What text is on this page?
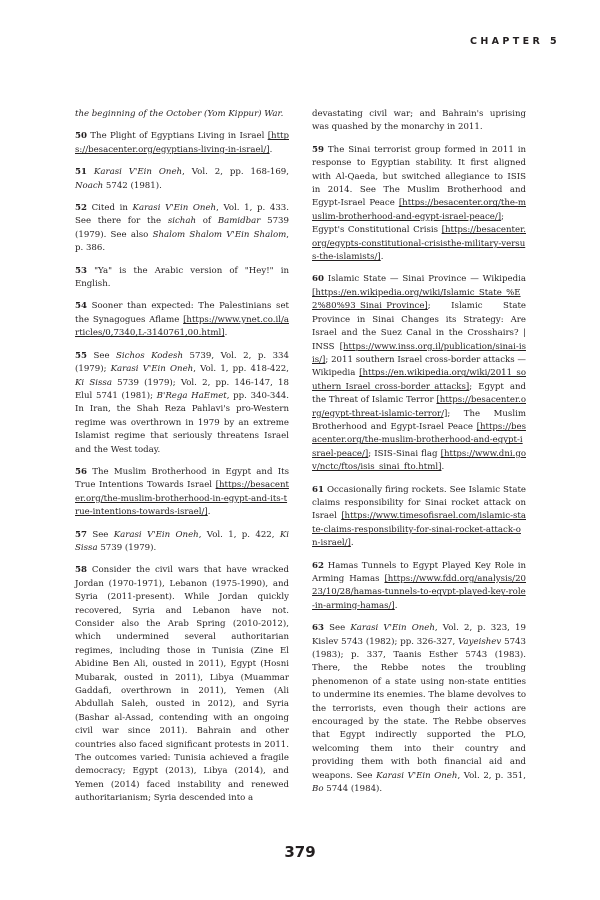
CHAPTER 5

the beginning of the October (Yom Kippur) War.

50 The Plight of Egyptians Living in Israel [https://besacenter.org/egyptians-living-in-israel/].

51 Karasi V'Ein Oneh, Vol. 2, pp. 168-169, Noach 5742 (1981).

52 Cited in Karasi V'Ein Oneh, Vol. 1, p. 433. See there for the sichah of Bamidbar 5739 (1979). See also Shalom Shalom V'Ein Shalom, p. 386.

53 "Ya" is the Arabic version of "Hey!" in English.

54 Sooner than expected: The Palestinians set the Synagogues Aflame [https://www.ynet.co.il/articles/0,7340,L-3140761,00.html].

55 See Sichos Kodesh 5739, Vol. 2, p. 334 (1979); Karasi V'Ein Oneh, Vol. 1, pp. 418-422, Ki Sissa 5739 (1979); Vol. 2, pp. 146-147, 18 Elul 5741 (1981); B'Rega HaEmet, pp. 340-344. In Iran, the Shah Reza Pahlavi's pro-Western regime was overthrown in 1979 by an extreme Islamist regime that seriously threatens Israel and the West today.

56 The Muslim Brotherhood in Egypt and Its True Intentions Towards Israel [https://besacenter.org/the-muslim-brotherhood-in-egypt-and-its-true-intentions-towards-israel/].

57 See Karasi V'Ein Oneh, Vol. 1, p. 422, Ki Sissa 5739 (1979).

58 Consider the civil wars that have wracked Jordan (1970-1971), Lebanon (1975-1990), and Syria (2011-present). While Jordan quickly recovered, Syria and Lebanon have not. Consider also the Arab Spring (2010-2012), which undermined several authoritarian regimes, including those in Tunisia (Zine El Abidine Ben Ali, ousted in 2011), Egypt (Hosni Mubarak, ousted in 2011), Libya (Muammar Gaddafi, overthrown in 2011), Yemen (Ali Abdullah Saleh, ousted in 2012), and Syria (Bashar al-Assad, contending with an ongoing civil war since 2011). Bahrain and other countries also faced significant protests in 2011. The outcomes varied: Tunisia achieved a fragile democracy; Egypt (2013), Libya (2014), and Yemen (2014) faced instability and renewed authoritarianism; Syria descended into a

devastating civil war; and Bahrain's uprising was quashed by the monarchy in 2011.

59 The Sinai terrorist group formed in 2011 in response to Egyptian stability. It first aligned with Al-Qaeda, but switched allegiance to ISIS in 2014. See The Muslim Brotherhood and Egypt-Israel Peace [https://besacenter.org/the-muslim-brotherhood-and-egypt-israel-peace/]; Egypt's Constitutional Crisis [https://besacenter.org/egypts-constitutional-crisisthe-military-versus-the-islamists/].

60 Islamic State — Sinai Province — Wikipedia [https://en.wikipedia.org/wiki/Islamic_State_%E2%80%93_Sinai_Province]; Islamic State Province in Sinai Changes its Strategy: Are Israel and the Suez Canal in the Crosshairs? | INSS [https://www.inss.org.il/publication/sinai-isis/]; 2011 southern Israel cross-border attacks — Wikipedia [https://en.wikipedia.org/wiki/2011_southern_Israel_cross-border_attacks]; Egypt and the Threat of Islamic Terror [https://besacenter.org/egypt-threat-islamic-terror/]; The Muslim Brotherhood and Egypt-Israel Peace [https://besacenter.org/the-muslim-brotherhood-and-egypt-israel-peace/]; ISIS-Sinai flag [https://www.dni.gov/nctc/ftos/isis_sinai_fto.html].

61 Occasionally firing rockets. See Islamic State claims responsibility for Sinai rocket attack on Israel [https://www.timesofisrael.com/islamic-state-claims-responsibility-for-sinai-rocket-attack-on-israel/].

62 Hamas Tunnels to Egypt Played Key Role in Arming Hamas [https://www.fdd.org/analysis/2023/10/28/hamas-tunnels-to-egypt-played-key-role-in-arming-hamas/].

63 See Karasi V'Ein Oneh, Vol. 2, p. 323, 19 Kislev 5743 (1982); pp. 326-327, Vayeishev 5743 (1983); p. 337, Taanis Esther 5743 (1983). There, the Rebbe notes the troubling phenomenon of a state using non-state entities to undermine its enemies. The blame devolves to the terrorists, even though their actions are encouraged by the state. The Rebbe observes that Egypt indirectly supported the PLO, welcoming them into their country and providing them with both financial aid and weapons. See Karasi V'Ein Oneh, Vol. 2, p. 351, Bo 5744 (1984).

379
